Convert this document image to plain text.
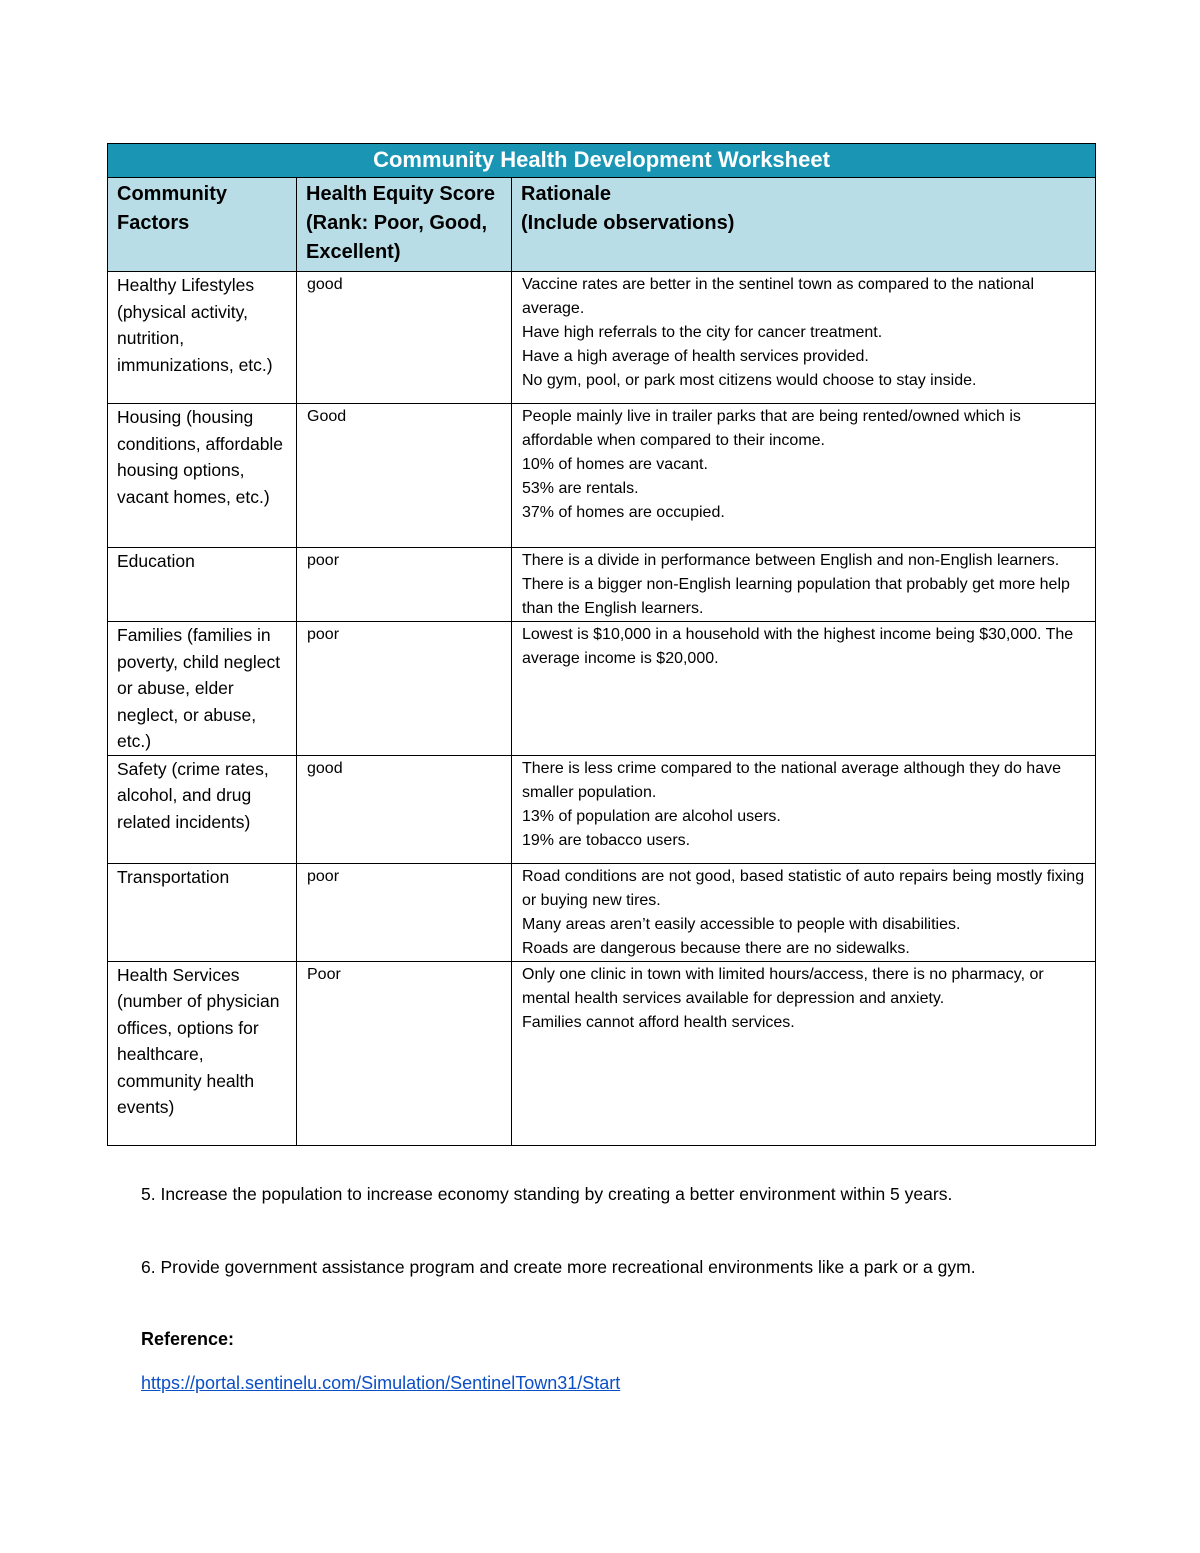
Community Health Development Worksheet		
Community Factors	Health Equity Score (Rank: Poor, Good, Excellent)	Rationale
(Include observations)

Healthy Lifestyles (physical activity, nutrition, immunizations, etc.)	good	Vaccine rates are better in the sentinel town as compared to the national average.
Have high referrals to the city for cancer treatment.
Have a high average of health services provided.
No gym, pool, or park most citizens would choose to stay inside.

Housing (housing conditions, affordable housing options, vacant homes, etc.)	Good	People mainly live in trailer parks that are being rented/owned which is affordable when compared to their income.
10% of homes are vacant.
53% are rentals.
37% of homes are occupied.

Education	poor	There is a divide in performance between English and non-English learners. There is a bigger non-English learning population that probably get more help than the English learners.

Families (families in poverty, child neglect or abuse, elder neglect, or abuse, etc.)	poor	Lowest is $10,000 in a household with the highest income being $30,000. The average income is $20,000.

Safety (crime rates, alcohol, and drug related incidents)	good	There is less crime compared to the national average although they do have smaller population.
13% of population are alcohol users.
19% are tobacco users.

Transportation	poor	Road conditions are not good, based statistic of auto repairs being mostly fixing or buying new tires.
Many areas aren’t easily accessible to people with disabilities.
Roads are dangerous because there are no sidewalks.

Health Services (number of physician offices, options for healthcare, community health events)	Poor	Only one clinic in town with limited hours/access, there is no pharmacy, or mental health services available for depression and anxiety.
Families cannot afford health services.
5. Increase the population to increase economy standing by creating a better environment within 5 years.
6. Provide government assistance program and create more recreational environments like a park or a gym.
Reference:
https://portal.sentinelu.com/Simulation/SentinelTown31/Start
